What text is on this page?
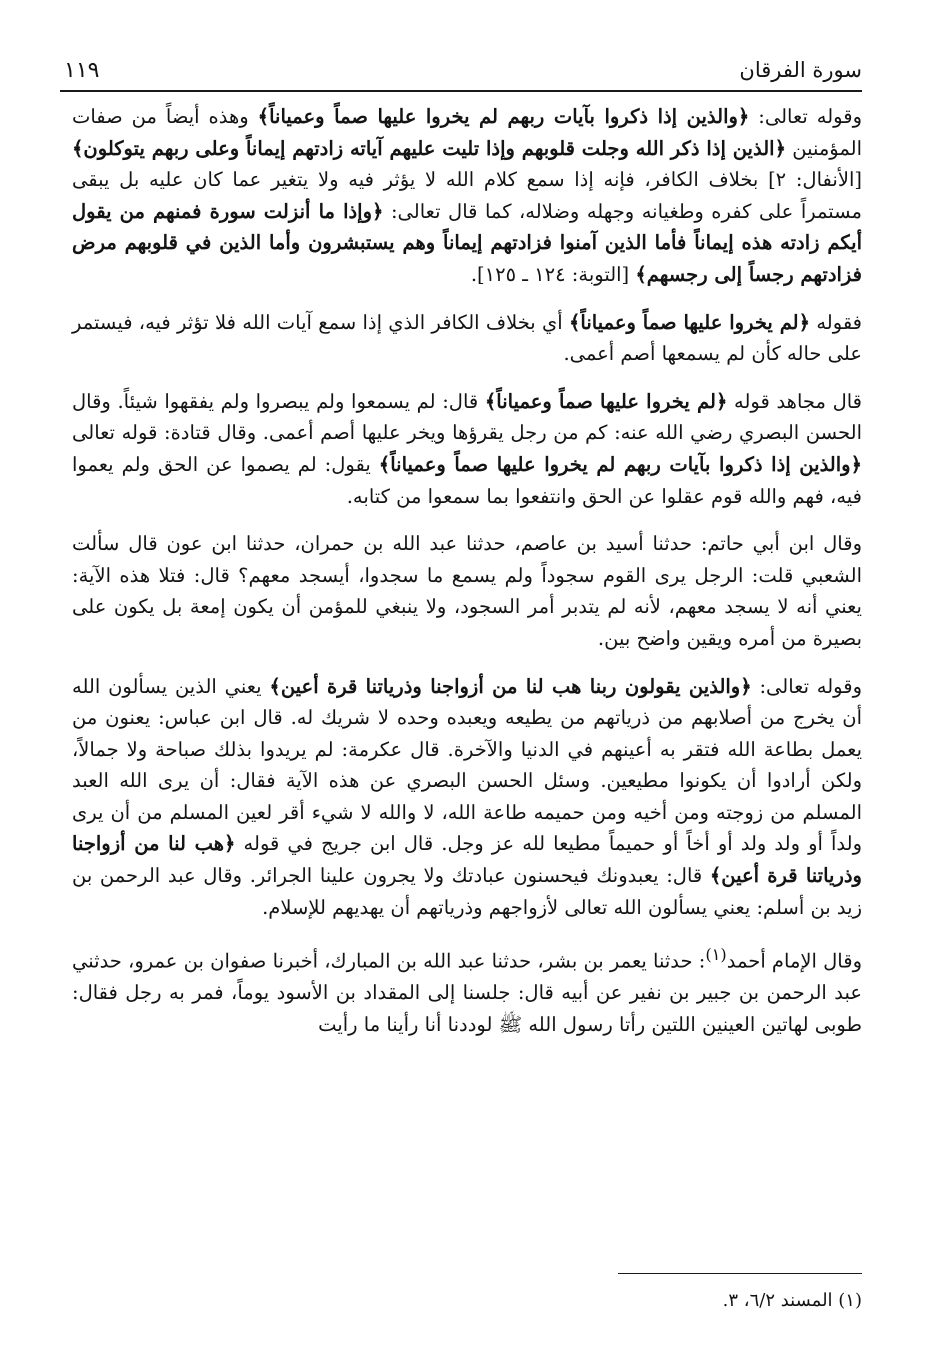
سورة الفرقان
١١٩

وقوله تعالى: ﴿والذين إذا ذكروا بآيات ربهم لم يخروا عليها صماً وعمياناً﴾ وهذه أيضاً من صفات المؤمنين ﴿الذين إذا ذكر الله وجلت قلوبهم وإذا تليت عليهم آياته زادتهم إيماناً وعلى ربهم يتوكلون﴾ [الأنفال: ٢] بخلاف الكافر، فإنه إذا سمع كلام الله لا يؤثر فيه ولا يتغير عما كان عليه بل يبقى مستمراً على كفره وطغيانه وجهله وضلاله، كما قال تعالى: ﴿وإذا ما أنزلت سورة فمنهم من يقول أيكم زادته هذه إيماناً فأما الذين آمنوا فزادتهم إيماناً وهم يستبشرون وأما الذين في قلوبهم مرض فزادتهم رجساً إلى رجسهم﴾ [التوبة: ١٢٤ ـ ١٢٥].

فقوله ﴿لم يخروا عليها صماً وعمياناً﴾ أي بخلاف الكافر الذي إذا سمع آيات الله فلا تؤثر فيه، فيستمر على حاله كأن لم يسمعها أصم أعمى.

قال مجاهد قوله ﴿لم يخروا عليها صماً وعمياناً﴾ قال: لم يسمعوا ولم يبصروا ولم يفقهوا شيئاً. وقال الحسن البصري رضي الله عنه: كم من رجل يقرؤها ويخر عليها أصم أعمى. وقال قتادة: قوله تعالى ﴿والذين إذا ذكروا بآيات ربهم لم يخروا عليها صماً وعمياناً﴾ يقول: لم يصموا عن الحق ولم يعموا فيه، فهم والله قوم عقلوا عن الحق وانتفعوا بما سمعوا من كتابه.

وقال ابن أبي حاتم: حدثنا أسيد بن عاصم، حدثنا عبد الله بن حمران، حدثنا ابن عون قال سألت الشعبي قلت: الرجل يرى القوم سجوداً ولم يسمع ما سجدوا، أيسجد معهم؟ قال: فتلا هذه الآية: يعني أنه لا يسجد معهم، لأنه لم يتدبر أمر السجود، ولا ينبغي للمؤمن أن يكون إمعة بل يكون على بصيرة من أمره ويقين واضح بين.

وقوله تعالى: ﴿والذين يقولون ربنا هب لنا من أزواجنا وذرياتنا قرة أعين﴾ يعني الذين يسألون الله أن يخرج من أصلابهم من ذرياتهم من يطيعه ويعبده وحده لا شريك له. قال ابن عباس: يعنون من يعمل بطاعة الله فتقر به أعينهم في الدنيا والآخرة. قال عكرمة: لم يريدوا بذلك صباحة ولا جمالاً، ولكن أرادوا أن يكونوا مطيعين. وسئل الحسن البصري عن هذه الآية فقال: أن يرى الله العبد المسلم من زوجته ومن أخيه ومن حميمه طاعة الله، لا والله لا شيء أقر لعين المسلم من أن يرى ولداً أو ولد ولد أو أخاً أو حميماً مطيعا لله عز وجل. قال ابن جريج في قوله ﴿هب لنا من أزواجنا وذرياتنا قرة أعين﴾ قال: يعبدونك فيحسنون عبادتك ولا يجرون علينا الجرائر. وقال عبد الرحمن بن زيد بن أسلم: يعني يسألون الله تعالى لأزواجهم وذرياتهم أن يهديهم للإسلام.

وقال الإمام أحمد$^{(١)}$: حدثنا يعمر بن بشر، حدثنا عبد الله بن المبارك، أخبرنا صفوان بن عمرو، حدثني عبد الرحمن بن جبير بن نفير عن أبيه قال: جلسنا إلى المقداد بن الأسود يوماً، فمر به رجل فقال: طوبى لهاتين العينين اللتين رأتا رسول الله ﷺ لوددنا أنا رأينا ما رأيت

(١) المسند ٦/٢، ٣.
